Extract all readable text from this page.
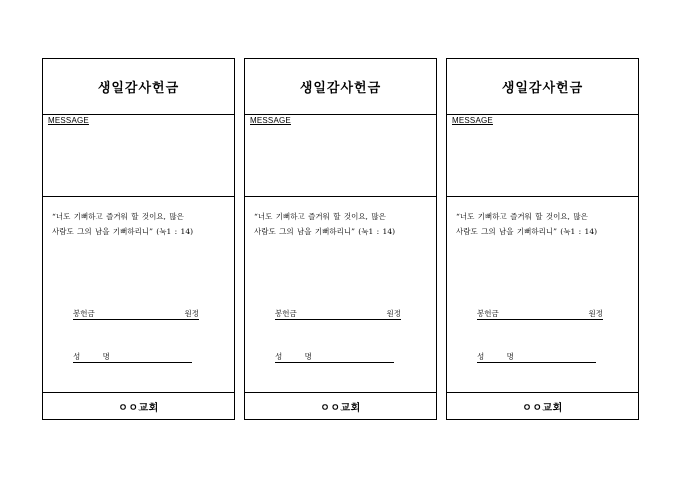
생일감사헌금
MESSAGE
“너도 기뻐하고 즐거워 할 것이요, 많은
사람도 그의 남을 기뻐하리니” (눅1 : 14)
봉헌금	원정
성 명
ㅇㅇ교회
생일감사헌금
MESSAGE
“너도 기뻐하고 즐거워 할 것이요, 많은
사람도 그의 남을 기뻐하리니” (눅1 : 14)
봉헌금	원정
성 명
ㅇㅇ교회
생일감사헌금
MESSAGE
“너도 기뻐하고 즐거워 할 것이요, 많은
사람도 그의 남을 기뻐하리니” (눅1 : 14)
봉헌금	원정
성 명
ㅇㅇ교회
